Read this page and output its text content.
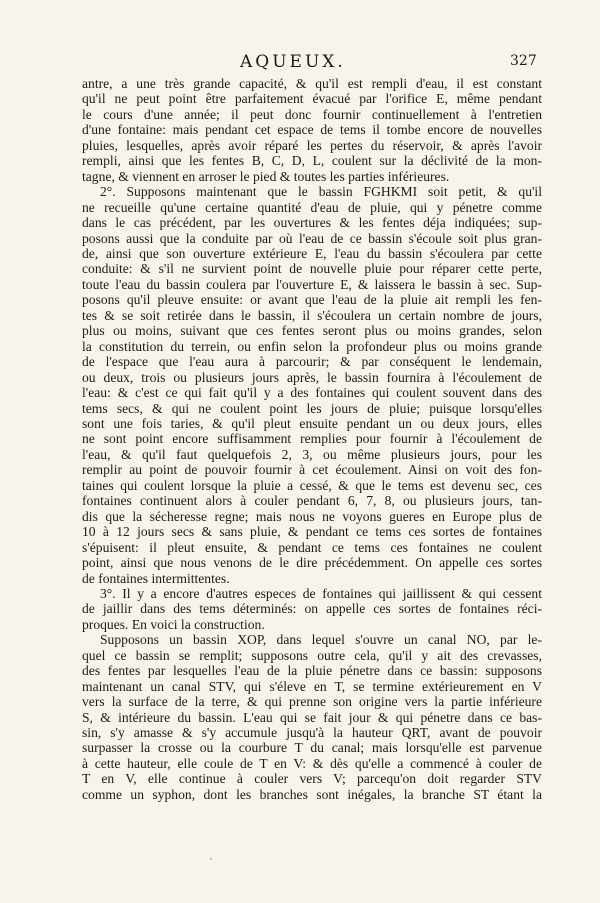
AQUEUX.	327
antre, a une très grande capacité, & qu'il est rempli d'eau, il est constant
qu'il ne peut point être parfaitement évacué par l'orifice E, même pendant
le cours d'une année; il peut donc fournir continuellement à l'entretien
d'une fontaine: mais pendant cet espace de tems il tombe encore de nouvelles
pluies, lesquelles, après avoir réparé les pertes du réservoir, & après l'avoir
rempli, ainsi que les fentes B, C, D, L, coulent sur la déclivité de la mon-
tagne, & viennent en arroser le pied & toutes les parties inférieures.
2°. Supposons maintenant que le bassin FGHKMI soit petit, & qu'il
ne recueille qu'une certaine quantité d'eau de pluie, qui y pénetre comme
dans le cas précédent, par les ouvertures & les fentes déja indiquées; sup-
posons aussi que la conduite par où l'eau de ce bassin s'écoule soit plus gran-
de, ainsi que son ouverture extérieure E, l'eau du bassin s'écoulera par cette
conduite: & s'il ne survient point de nouvelle pluie pour réparer cette perte,
toute l'eau du bassin coulera par l'ouverture E, & laissera le bassin à sec. Sup-
posons qu'il pleuve ensuite: or avant que l'eau de la pluie ait rempli les fen-
tes & se soit retirée dans le bassin, il s'écoulera un certain nombre de jours,
plus ou moins, suivant que ces fentes seront plus ou moins grandes, selon
la constitution du terrein, ou enfin selon la profondeur plus ou moins grande
de l'espace que l'eau aura à parcourir; & par conséquent le lendemain,
ou deux, trois ou plusieurs jours après, le bassin fournira à l'écoulement de
l'eau: & c'est ce qui fait qu'il y a des fontaines qui coulent souvent dans des
tems secs, & qui ne coulent point les jours de pluie; puisque lorsqu'elles
sont une fois taries, & qu'il pleut ensuite pendant un ou deux jours, elles
ne sont point encore suffisamment remplies pour fournir à l'écoulement de
l'eau, & qu'il faut quelquefois 2, 3, ou même plusieurs jours, pour les
remplir au point de pouvoir fournir à cet écoulement. Ainsi on voit des fon-
taines qui coulent lorsque la pluie a cessé, & que le tems est devenu sec, ces
fontaines continuent alors à couler pendant 6, 7, 8, ou plusieurs jours, tan-
dis que la sécheresse regne; mais nous ne voyons gueres en Europe plus de
10 à 12 jours secs & sans pluie, & pendant ce tems ces sortes de fontaines
s'épuisent: il pleut ensuite, & pendant ce tems ces fontaines ne coulent
point, ainsi que nous venons de le dire précédemment. On appelle ces sortes
de fontaines intermittentes.
3°. Il y a encore d'autres especes de fontaines qui jaillissent & qui cessent
de jaillir dans des tems déterminés: on appelle ces sortes de fontaines réci-
proques. En voici la construction.
Supposons un bassin XOP, dans lequel s'ouvre un canal NO, par le-
quel ce bassin se remplit; supposons outre cela, qu'il y ait des crevasses,
des fentes par lesquelles l'eau de la pluie pénetre dans ce bassin: supposons
maintenant un canal STV, qui s'éleve en T, se termine extérieurement en V
vers la surface de la terre, & qui prenne son origine vers la partie inférieure
S, & intérieure du bassin. L'eau qui se fait jour & qui pénetre dans ce bas-
sin, s'y amasse & s'y accumule jusqu'à la hauteur QRT, avant de pouvoir
surpasser la crosse ou la courbure T du canal; mais lorsqu'elle est parvenue
à cette hauteur, elle coule de T en V: & dès qu'elle a commencé à couler de
T en V, elle continue à couler vers V; parcequ'on doit regarder STV
comme un syphon, dont les branches sont inégales, la branche ST étant la
